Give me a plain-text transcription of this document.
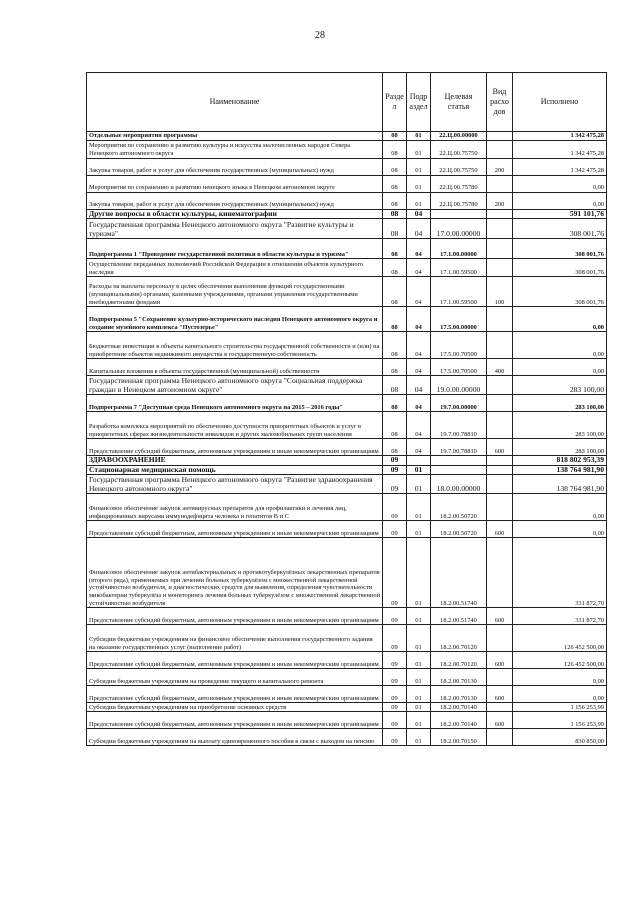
28
Наименование	Разде л	Подр аздел	Целевая статья	Вид расхо дов	Исполнено
Отдельные мероприятия программы	08	01	22.Ц.00.00000		1 342 475,28
Мероприятия по сохранению и развитию культуры и искусства малочисленных народов Севера Ненецкого автономного округа	08	01	22.Ц.00.75750		1 342 475,28
Закупка товаров, работ и услуг для обеспечения государственных (муниципальных) нужд	08	01	22.Ц.00.75750	200	1 342 475,28
Мероприятия по сохранению и развитию ненецкого языка в Ненецком автономном округе	08	01	22.Ц.00.75780		0,00
Закупка товаров, работ и услуг для обеспечения государственных (муниципальных) нужд	08	01	22.Ц.00.75780	200	0,00
Другие вопросы в области культуры, кинематографии	08	04			591 101,76
Государственная программа Ненецкого автономного округа "Развитие культуры и туризма"	08	04	17.0.00.00000		308 001,76
Подпрограмма 1 "Проведение государственной политики в области культуры и туризма"	08	04	17.1.00.00000		308 001,76
Осуществление переданных полномочий Российской Федерации в отношении объектов культурного наследия	08	04	17.1.00.59500		308 001,76
Расходы на выплаты персоналу в целях обеспечения выполнения функций государственными (муниципальными) органами, казенными учреждениями, органами управления государственными внебюджетными фондами	08	04	17.1.00.59500	100	308 001,76
Подпрограмма 5 "Сохранение культурно-исторического наследия Ненецкого автономного округа и создание музейного комплекса "Пустозерье"	08	04	17.5.00.00000		0,00
Бюджетные инвестиции в объекты капитального строительства государственной собственности и (или) на приобретение объектов недвижимого имущества в государственную собственность	08	04	17.5.00.70500		0,00
Капитальные вложения в объекты государственной (муниципальной) собственности	08	04	17.5.00.70500	400	0,00
Государственная программа Ненецкого автономного округа "Социальная поддержка граждан в Ненецком автономном округе"	08	04	19.0.00.00000		283 100,00
Подпрограмма 7 "Доступная среда Ненецкого автономного округа на 2015 – 2016 годы"	08	04	19.7.00.00000		283 100,00
Разработка комплекса мероприятий по обеспечению доступности приоритетных объектов и услуг в приоритетных сферах жизнедеятельности инвалидов и других маломобильных групп населения	08	04	19.7.00.78810		283 100,00
Предоставление субсидий бюджетным, автономным учреждениям и иным некоммерческим организациям	08	04	19.7.00.78810	600	283 100,00
ЗДРАВООХРАНЕНИЕ	09				818 802 953,39
Стационарная медицинская помощь	09	01			138 764 981,90
Государственная программа Ненецкого автономного округа "Развитие здравоохранения Ненецкого автономного округа"	09	01	18.0.00.00000		138 764 981,90
Финансовое обеспечение закупок антивирусных препаратов для профилактики и лечения лиц, инфицированных вирусами иммунодефицита человека и гепатитов В и С	09	01	18.2.00.50720		0,00
Предоставление субсидий бюджетным, автономным учреждениям и иным некоммерческим организациям	09	01	18.2.00.50720	600	0,00
Финансовое обеспечение закупок антибактериальных и противотуберкулёзных лекарственных препаратов (второго ряда), применяемых при лечении больных туберкулёзом с множественной лекарственной устойчивостью возбудителя, и диагностических средств для выявления, определения чувствительности микобактерии туберкулёза и мониторинга лечения больных туберкулёзом с множественной лекарственной устойчивостью возбудителя	09	01	18.2.00.51740		331 872,70
Предоставление субсидий бюджетным, автономным учреждениям и иным некоммерческим организациям	09	01	18.2.00.51740	600	331 872,70
Субсидии бюджетным учреждениям на финансовое обеспечение выполнения государственного задания на оказание государственных услуг (выполнение работ)	09	01	18.2.00.70120		126 452 500,00
Предоставление субсидий бюджетным, автономным учреждениям и иным некоммерческим организациям	09	01	18.2.00.70120	600	126 452 500,00
Субсидии бюджетным учреждениям на проведение текущего и капитального ремонта	09	01	18.2.00.70130		0,00
Предоставление субсидий бюджетным, автономным учреждениям и иным некоммерческим организациям	09	01	18.2.00.70130	600	0,00
Субсидии бюджетным учреждениям на приобретение основных средств	09	01	18.2.00.70140		1 156 253,99
Предоставление субсидий бюджетным, автономным учреждениям и иным некоммерческим организациям	09	01	18.2.00.70140	600	1 156 253,99
Субсидии бюджетным учреждениям на выплату единовременного пособия в связи с выходом на пенсию	09	01	18.2.00.70150		830 850,00
